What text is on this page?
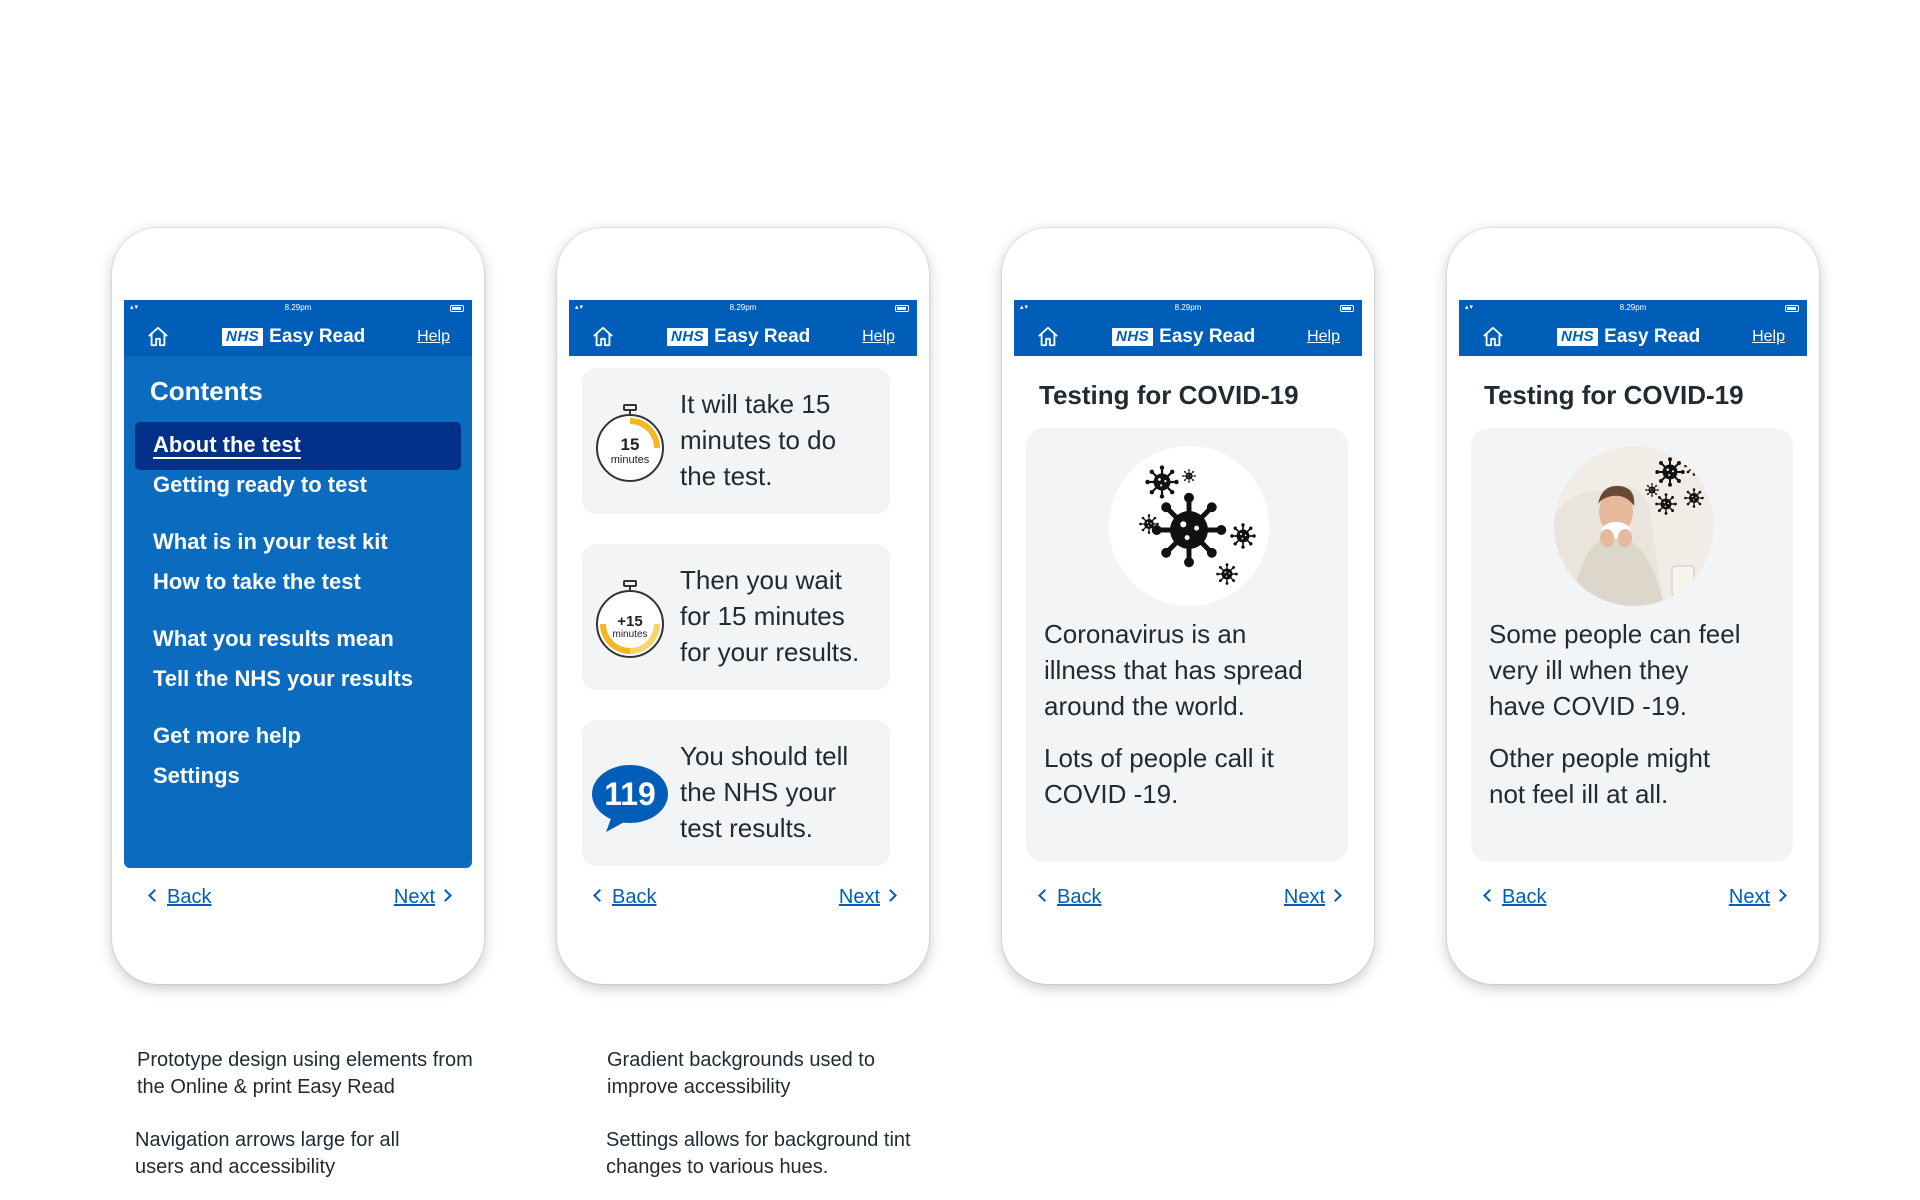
▴▾	8.29pm
NHS Easy Read	Help
Contents
About the test
Getting ready to test
What is in your test kit
How to take the test
What you results mean
Tell the NHS your results
Get more help
Settings
Back	Next
▴▾	8.29pm
NHS Easy Read	Help
15
minutes
It will take 15
minutes to do
the test.
+15
minutes
Then you wait
for 15 minutes
for your results.
119
You should tell
the NHS your
test results.
Back	Next
▴▾	8.29pm
NHS Easy Read	Help
Testing for COVID-19
Coronavirus is an
illness that has spread
around the world.
Lots of people call it
COVID -19.
Back	Next
▴▾	8.29pm
NHS Easy Read	Help
Testing for COVID-19
Some people can feel
very ill when they
have COVID -19.
Other people might
not feel ill at all.
Back	Next
Prototype design using elements from
the Online & print Easy Read
Navigation arrows large for all
users and accessibility
Gradient backgrounds used to
improve accessibility
Settings allows for background tint
changes to various hues.
